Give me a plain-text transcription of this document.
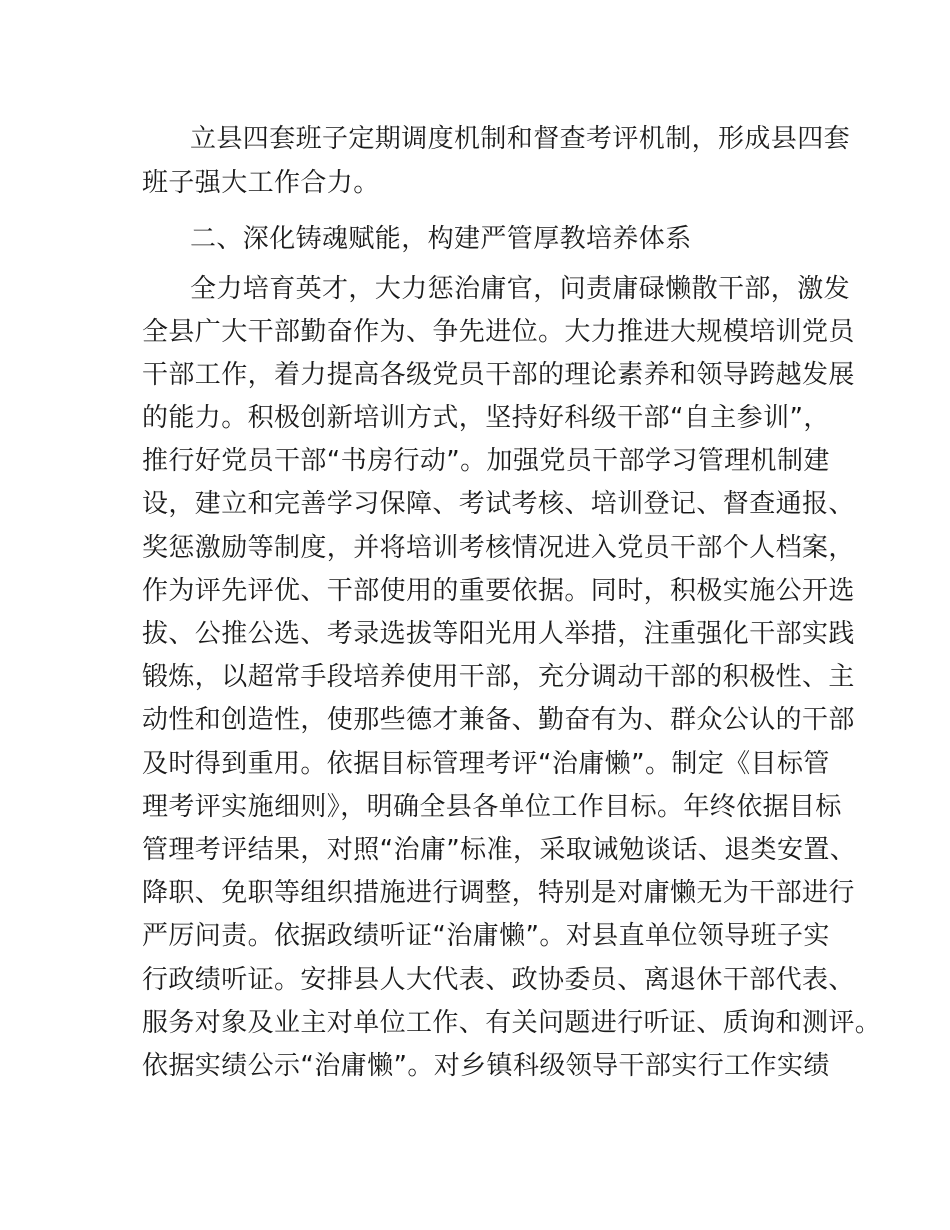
立县四套班子定期调度机制和督查考评机制，形成县四套

班子强大工作合力。

二、深化铸魂赋能，构建严管厚教培养体系

全力培育英才，大力惩治庸官，问责庸碌懒散干部，激发

全县广大干部勤奋作为、争先进位。大力推进大规模培训党员

干部工作，着力提高各级党员干部的理论素养和领导跨越发展

的能力。积极创新培训方式，坚持好科级干部“自主参训”，

推行好党员干部“书房行动”。加强党员干部学习管理机制建

设，建立和完善学习保障、考试考核、培训登记、督查通报、

奖惩激励等制度，并将培训考核情况进入党员干部个人档案，

作为评先评优、干部使用的重要依据。同时，积极实施公开选

拔、公推公选、考录选拔等阳光用人举措，注重强化干部实践

锻炼，以超常手段培养使用干部，充分调动干部的积极性、主

动性和创造性，使那些德才兼备、勤奋有为、群众公认的干部

及时得到重用。依据目标管理考评“治庸懒”。制定《目标管

理考评实施细则》，明确全县各单位工作目标。年终依据目标

管理考评结果，对照“治庸”标准，采取诫勉谈话、退类安置、

降职、免职等组织措施进行调整，特别是对庸懒无为干部进行

严厉问责。依据政绩听证“治庸懒”。对县直单位领导班子实

行政绩听证。安排县人大代表、政协委员、离退休干部代表、

服务对象及业主对单位工作、有关问题进行听证、质询和测评。

依据实绩公示“治庸懒”。对乡镇科级领导干部实行工作实绩
